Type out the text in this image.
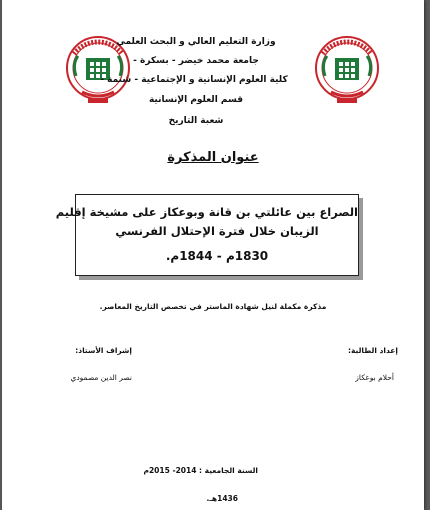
وزارة التعليم العالي و البحث العلمي
جامعة محمد خيضر - بسكرة -
كلية العلوم الإنسانية و الإجتماعية - شتمة -
قسم العلوم الإنسانية
شعبة التاريخ
عنوان المذكرة
الصراع بين عائلتي بن قانة وبوعكاز على مشيخة إقليم
الزيبان خلال فترة الإحتلال الفرنسي
1830م - 1844م.
مذكرة مكملة لنيل شهادة الماستر في تخصص التاريخ المعاصر.
إعداد الطالبة:
أحلام بوعكاز
إشراف الأستاذ:
نصر الدين مصمودي
السنة الجامعية : 2014- 2015م
1436هـ.
